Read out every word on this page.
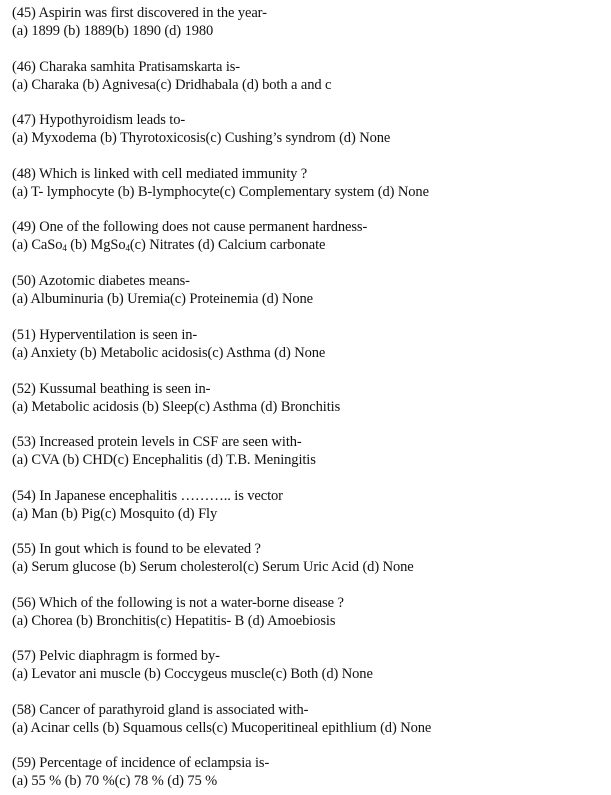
(45) Aspirin was first discovered in the year-
(a) 1899 (b) 1889(b) 1890 (d) 1980
(46) Charaka samhita Pratisamskarta is-
(a) Charaka (b) Agnivesa(c) Dridhabala (d) both a and c
(47) Hypothyroidism leads to-
(a) Myxodema (b) Thyrotoxicosis(c) Cushing’s syndrom (d) None
(48) Which is linked with cell mediated immunity ?
(a) T- lymphocyte (b) B-lymphocyte(c) Complementary system (d) None
(49) One of the following does not cause permanent hardness-
(a) CaSo$_4$ (b) MgSo$_4$(c) Nitrates (d) Calcium carbonate
(50) Azotomic diabetes means-
(a) Albuminuria (b) Uremia(c) Proteinemia (d) None
(51) Hyperventilation is seen in-
(a) Anxiety (b) Metabolic acidosis(c) Asthma (d) None
(52) Kussumal beathing is seen in-
(a) Metabolic acidosis (b) Sleep(c) Asthma (d) Bronchitis
(53) Increased protein levels in CSF are seen with-
(a) CVA (b) CHD(c) Encephalitis (d) T.B. Meningitis
(54) In Japanese encephalitis ……….. is vector
(a) Man (b) Pig(c) Mosquito (d) Fly
(55) In gout which is found to be elevated ?
(a) Serum glucose (b) Serum cholesterol(c) Serum Uric Acid (d) None
(56) Which of the following is not a water-borne disease ?
(a) Chorea (b) Bronchitis(c) Hepatitis- B (d) Amoebiosis
(57) Pelvic diaphragm is formed by-
(a) Levator ani muscle (b) Coccygeus muscle(c) Both (d) None
(58) Cancer of parathyroid gland is associated with-
(a) Acinar cells (b) Squamous cells(c) Mucoperitineal epithlium (d) None
(59) Percentage of incidence of eclampsia is-
(a) 55 % (b) 70 %(c) 78 % (d) 75 %
